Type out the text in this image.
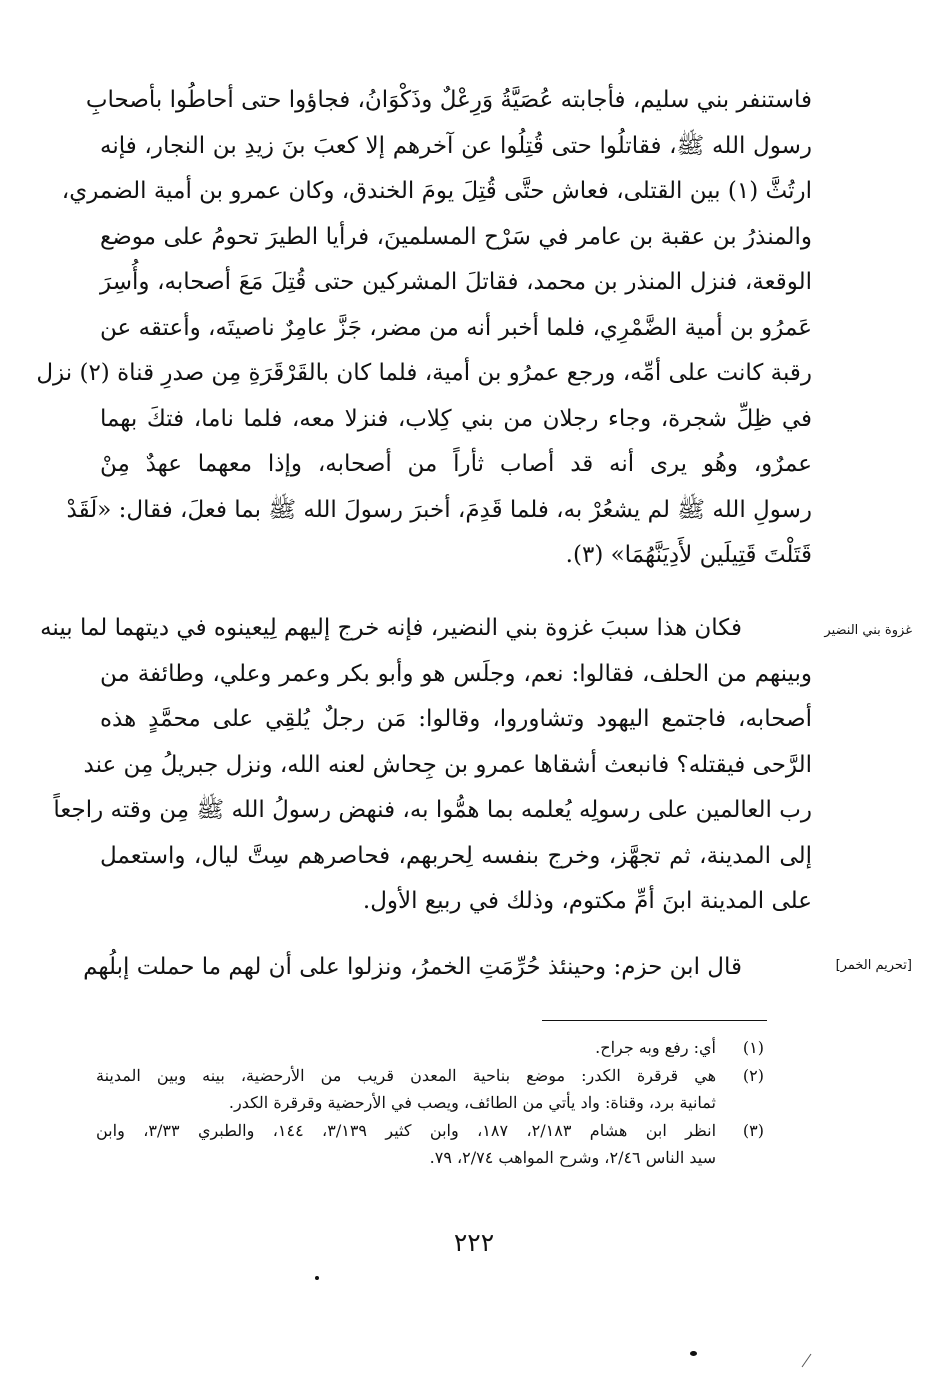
فاستنفر بني سليم، فأجابته عُصَيَّةُ وَرِعْلٌ وذَكْوَانُ، فجاؤوا حتى أحاطُوا بأصحابِ
رسول الله ﷺ، فقاتلُوا حتى قُتِلُوا عن آخرهم إلا كعبَ بنَ زيدِ بن النجار، فإنه
ارتُثَّ (١) بين القتلى، فعاش حتَّى قُتِلَ يومَ الخندق، وكان عمرو بن أمية الضمري،
والمنذرُ بن عقبة بن عامر في سَرْح المسلمينَ، فرأيا الطيرَ تحومُ على موضع
الوقعة، فنزل المنذر بن محمد، فقاتلَ المشركين حتى قُتِلَ مَعَ أصحابه، وأُسِرَ
عَمرُو بن أمية الضَّمْرِي، فلما أخبر أنه من مضر، جَزَّ عامِرٌ ناصيتَه، وأعتقه عن
رقبة كانت على أمِّه، ورجع عمرُو بن أمية، فلما كان بالقَرْقَرَةِ مِن صدرِ قناة (٢) نزل
في ظِلِّ شجرة، وجاء رجلان من بني كِلاب، فنزلا معه، فلما ناما، فتكَ بهما
عمرٌو، وهُو يرى أنه قد أصاب ثأراً من أصحابه، وإذا معهما عهدٌ مِنْ
رسولِ الله ﷺ لم يشعُرْ به، فلما قَدِمَ، أخبرَ رسولَ الله ﷺ بما فعلَ، فقال: «لَقَدْ
قَتَلْتَ قَتِيلَين لأَدِيَنَّهُمَا» (٣).
غزوة بني النضير
فكان هذا سببَ غزوة بني النضير، فإنه خرج إليهم لِيعينوه في ديتهما لما بينه
وبينهم من الحلف، فقالوا: نعم، وجلَس هو وأبو بكر وعمر وعلي، وطائفة من
أصحابه، فاجتمع اليهود وتشاوروا، وقالوا: مَن رجلٌ يُلقِي على محمَّدٍ هذه
الرَّحى فيقتله؟ فانبعث أشقاها عمرو بن جِحاش لعنه الله، ونزل جبريلُ مِن عند
رب العالمين على رسولِه يُعلمه بما همُّوا به، فنهض رسولُ الله ﷺ مِن وقته راجعاً
إلى المدينة، ثم تجهَّز، وخرج بنفسه لِحربهم، فحاصرهم سِتَّ ليال، واستعمل
على المدينة ابنَ أمِّ مكتوم، وذلك في ربيع الأول.
[تحريم الخمر]
قال ابن حزم: وحينئذ حُرِّمَتِ الخمرُ، ونزلوا على أن لهم ما حملت إبلُهم
(١)
أي: رفع وبه جراح.
(٢)
هي قرقرة الكدر: موضع بناحية المعدن قريب من الأرحضية، بينه وبين المدينة
ثمانية برد، وقناة: واد يأتي من الطائف، ويصب في الأرحضية وقرقرة الكدر.
(٣)
انظر ابن هشام ٢/١٨٣، ١٨٧، وابن كثير ٣/١٣٩، ١٤٤، والطبري ٣/٣٣، وابن
سيد الناس ٢/٤٦، وشرح المواهب ٢/٧٤، ٧٩.
٢٢٢
